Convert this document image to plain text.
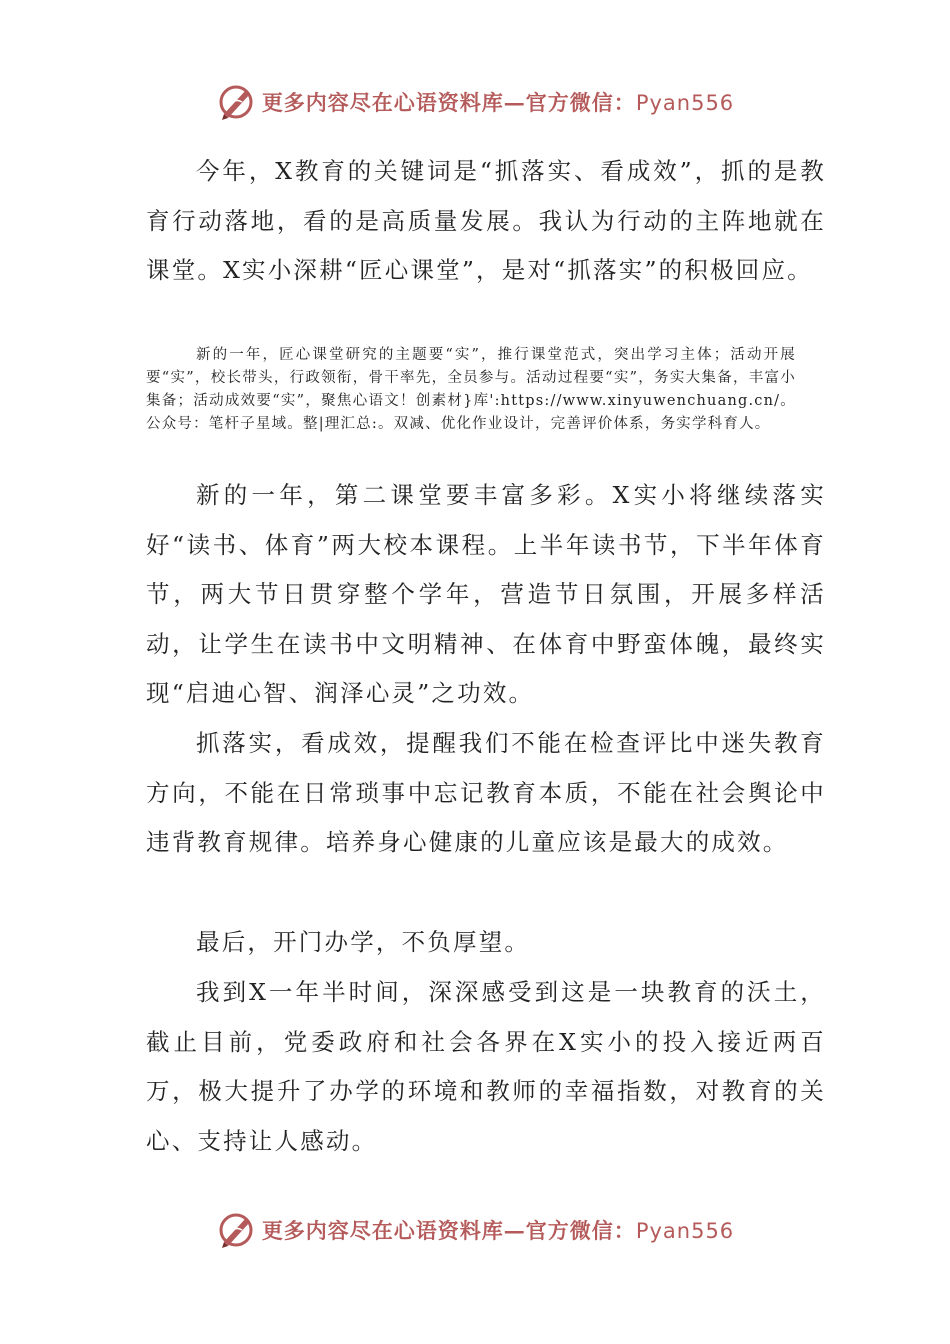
更多内容尽在心语资料库—官方微信：Pyan556

今年，X教育的关键词是“抓落实、看成效”，抓的是教育行动落地，看的是高质量发展。我认为行动的主阵地就在课堂。X实小深耕“匠心课堂”，是对“抓落实”的积极回应。

新的一年，匠心课堂研究的主题要“实”，推行课堂范式，突出学习主体；活动开展要“实”，校长带头，行政领衔，骨干率先，全员参与。活动过程要“实”，务实大集备，丰富小集备；活动成效要“实”，聚焦心语文！创素材}库':https://www.xinyuwenchuang.cn/。公众号：笔杆子星域。整|理汇总:。双减、优化作业设计，完善评价体系，务实学科育人。

新的一年，第二课堂要丰富多彩。X实小将继续落实好“读书、体育”两大校本课程。上半年读书节，下半年体育节，两大节日贯穿整个学年，营造节日氛围，开展多样活动，让学生在读书中文明精神、在体育中野蛮体魄，最终实现“启迪心智、润泽心灵”之功效。

抓落实，看成效，提醒我们不能在检查评比中迷失教育方向，不能在日常琐事中忘记教育本质，不能在社会舆论中违背教育规律。培养身心健康的儿童应该是最大的成效。

最后，开门办学，不负厚望。

我到X一年半时间，深深感受到这是一块教育的沃土，截止目前，党委政府和社会各界在X实小的投入接近两百万，极大提升了办学的环境和教师的幸福指数，对教育的关心、支持让人感动。

更多内容尽在心语资料库—官方微信：Pyan556
